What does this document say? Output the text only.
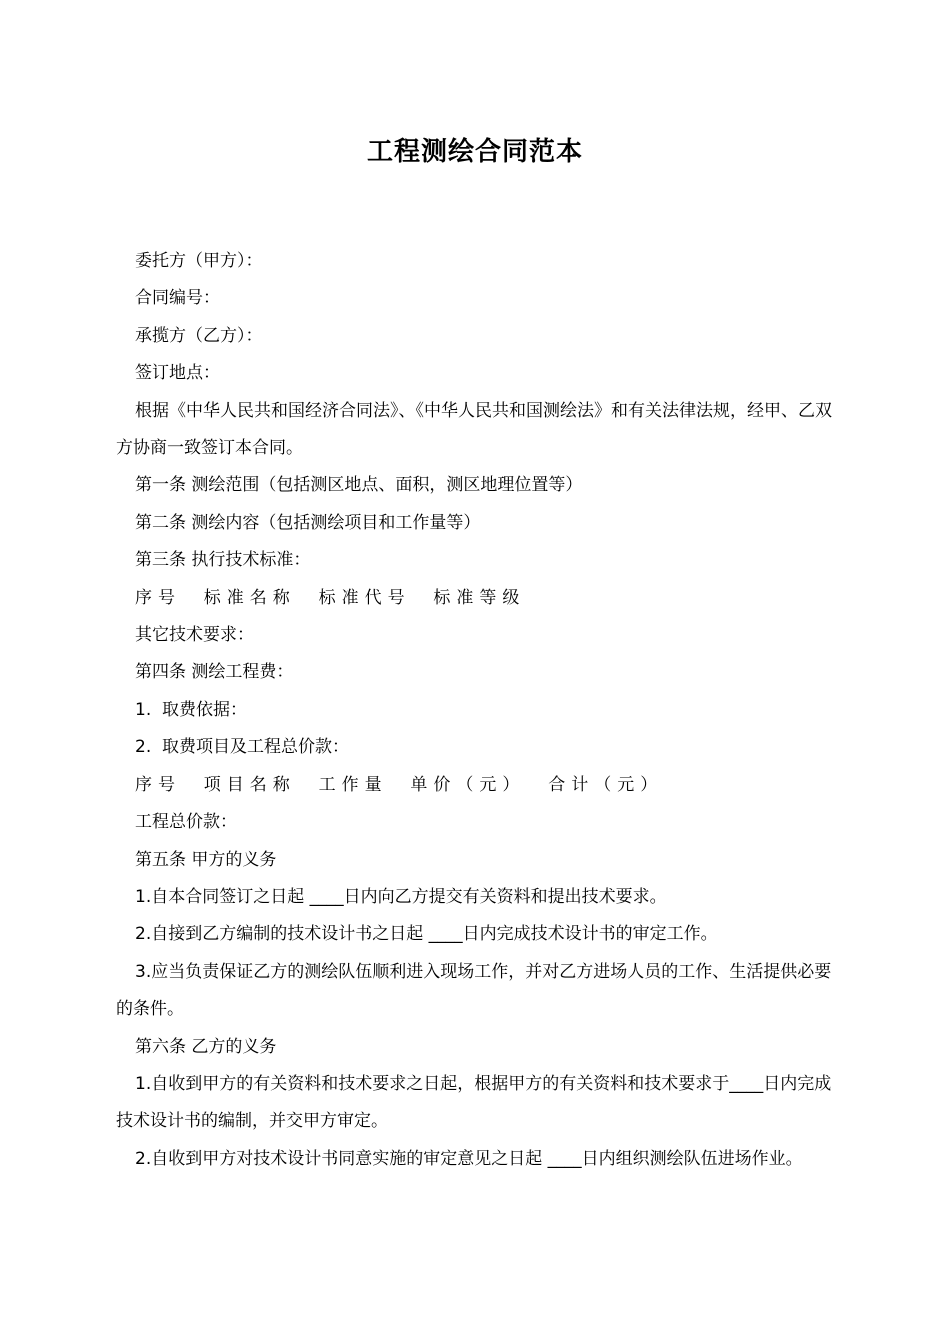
工程测绘合同范本

委托方（甲方）：

合同编号：

承揽方（乙方）：

签订地点：

根据《中华人民共和国经济合同法》、《中华人民共和国测绘法》和有关法律法规，经甲、乙双方协商一致签订本合同。

第一条 测绘范围（包括测区地点、面积，测区地理位置等）

第二条 测绘内容（包括测绘项目和工作量等）

第三条 执行技术标准：

序号  标准名称  标准代号  标准等级

其它技术要求：

第四条 测绘工程费：

1.  取费依据：

2.  取费项目及工程总价款：

序号  项目名称  工作量  单价（元）  合计（元）

工程总价款：

第五条 甲方的义务

1.自本合同签订之日起 ____日内向乙方提交有关资料和提出技术要求。

2.自接到乙方编制的技术设计书之日起 ____日内完成技术设计书的审定工作。

3.应当负责保证乙方的测绘队伍顺利进入现场工作，并对乙方进场人员的工作、生活提供必要的条件。

第六条 乙方的义务

1.自收到甲方的有关资料和技术要求之日起，根据甲方的有关资料和技术要求于____日内完成技术设计书的编制，并交甲方审定。

2.自收到甲方对技术设计书同意实施的审定意见之日起 ____日内组织测绘队伍进场作业。
